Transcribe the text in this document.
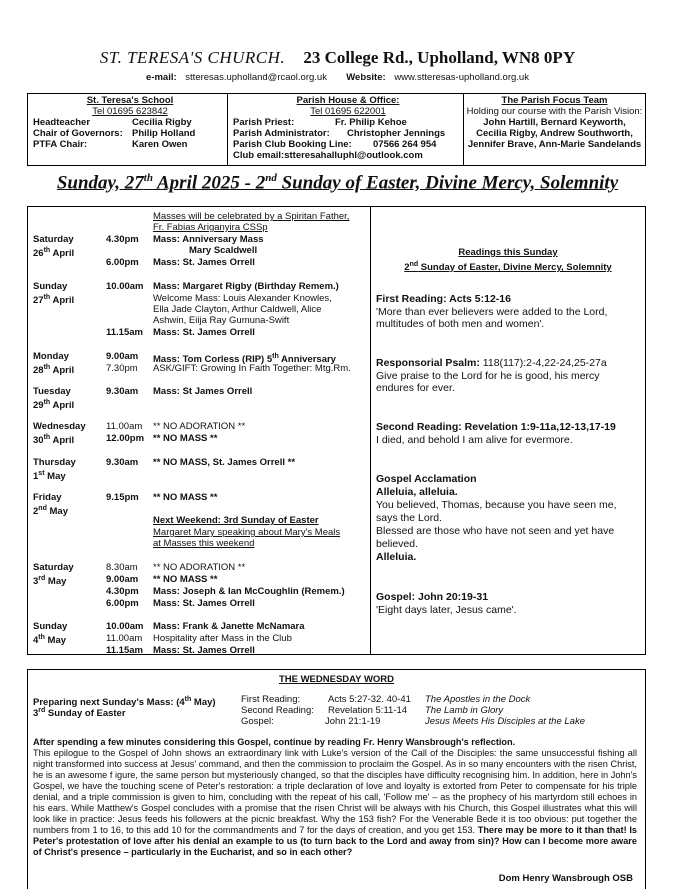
ST. TERESA'S CHURCH. 23 College Rd., Upholland, WN8 0PY
e-mail: stteresas.upholland@rcaol.org.uk Website: www.stteresas-upholland.org.uk
St. Teresa's School
Tel 01695 623842
Headteacher	Cecilia Rigby
Chair of Governors: Philip Holland
PTFA Chair:	Karen Owen
Parish House & Office:
Tel 01695 622001
Parish Priest:	Fr. Philip Kehoe
Parish Administrator: Christopher Jennings
Parish Club Booking Line: 07566 264 954
Club email:stteresahalluphl@outlook.com
The Parish Focus Team
Holding our course with the Parish Vision:
John Hartill, Bernard Keyworth,
Cecilia Rigby, Andrew Southworth,
Jennifer Brave, Ann-Marie Sandelands
Sunday, 27th April 2025 - 2nd Sunday of Easter, Divine Mercy, Solemnity
Masses will be celebrated by a Spiritan Father,
Fr. Fabias Ariganyira CSSp
Saturday
26th April
4.30pm Mass: Anniversary Mass
Mary Scaldwell
6.00pm Mass: St. James Orrell
Sunday
27th April
10.00am Mass: Margaret Rigby (Birthday Remem.)
Welcome Mass: Louis Alexander Knowles,
Ella Jade Clayton, Arthur Caldwell, Alice
Ashwin, Eiija Ray Gumuna-Swift
11.15am Mass: St. James Orrell
Monday
28th April
9.00am Mass: Tom Corless (RIP) 5th Anniversary
7.30pm ASK/GIFT: Growing In Faith Together: Mtg.Rm.
Tuesday
29th April
9.30am Mass: St James Orrell
Wednesday
30th April
11.00am ** NO ADORATION **
12.00pm ** NO MASS **
Thursday
1st May
9.30am ** NO MASS, St. James Orrell **
Friday
2nd May
9.15pm ** NO MASS **
Next Weekend: 3rd Sunday of Easter
Margaret Mary speaking about Mary's Meals
at Masses this weekend
Saturday
3rd May
8.30am ** NO ADORATION **
9.00am ** NO MASS **
4.30pm Mass: Joseph & Ian McCoughlin (Remem.)
6.00pm Mass: St. James Orrell
Sunday
4th May
10.00am Mass: Frank & Janette McNamara
11.00am Hospitality after Mass in the Club
11.15am Mass: St. James Orrell
Readings this Sunday
2nd Sunday of Easter, Divine Mercy, Solemnity
First Reading: Acts 5:12-16
'More than ever believers were added to the Lord,
multitudes of both men and women'.
Responsorial Psalm: 118(117):2-4,22-24,25-27a
Give praise to the Lord for he is good, his mercy
endures for ever.
Second Reading: Revelation 1:9-11a,12-13,17-19
I died, and behold I am alive for evermore.
Gospel Acclamation
Alleluia, alleluia.
You believed, Thomas, because you have seen me,
says the Lord.
Blessed are those who have not seen and yet have
believed.
Alleluia.
Gospel: John 20:19-31
'Eight days later, Jesus came'.
THE WEDNESDAY WORD
Preparing next Sunday's Mass: (4th May)
3rd Sunday of Easter
First Reading:	Acts 5:27-32. 40-41 The Apostles in the Dock
Second Reading: Revelation 5:11-14 The Lamb in Glory
Gospel:	John 21:1-19	Jesus Meets His Disciples at the Lake
After spending a few minutes considering this Gospel, continue by reading Fr. Henry Wansbrough's reflection.
This epilogue to the Gospel of John shows an extraordinary link with Luke's version of the Call of the Disciples: the same unsuccessful fishing all night transformed into success at Jesus' command, and then the commission to proclaim the Gospel. As in so many encounters with the risen Christ, he is an awesome f igure, the same person but mysteriously changed, so that the disciples have difficulty recognising him. In addition, here in John's Gospel, we have the touching scene of Peter's restoration: a triple declaration of love and loyalty is extorted from Peter to compensate for his triple denial, and a triple commission is given to him, concluding with the repeat of his call, 'Follow me' – as the prophecy of his martyrdom still echoes in his ears. While Matthew's Gospel concludes with a promise that the risen Christ will be always with his Church, this Gospel illustrates what this will look like in practice: Jesus feeds his followers at the picnic breakfast. Why the 153 fish? For the Venerable Bede it is too obvious: put together the numbers from 1 to 16, to this add 10 for the commandments and 7 for the days of creation, and you get 153. There may be more to it than that! Is Peter's protestation of love after his denial an example to us (to turn back to the Lord and away from sin)? How can I become more aware of Christ's presence – particularly in the Eucharist, and so in each other?
Dom Henry Wansbrough OSB
